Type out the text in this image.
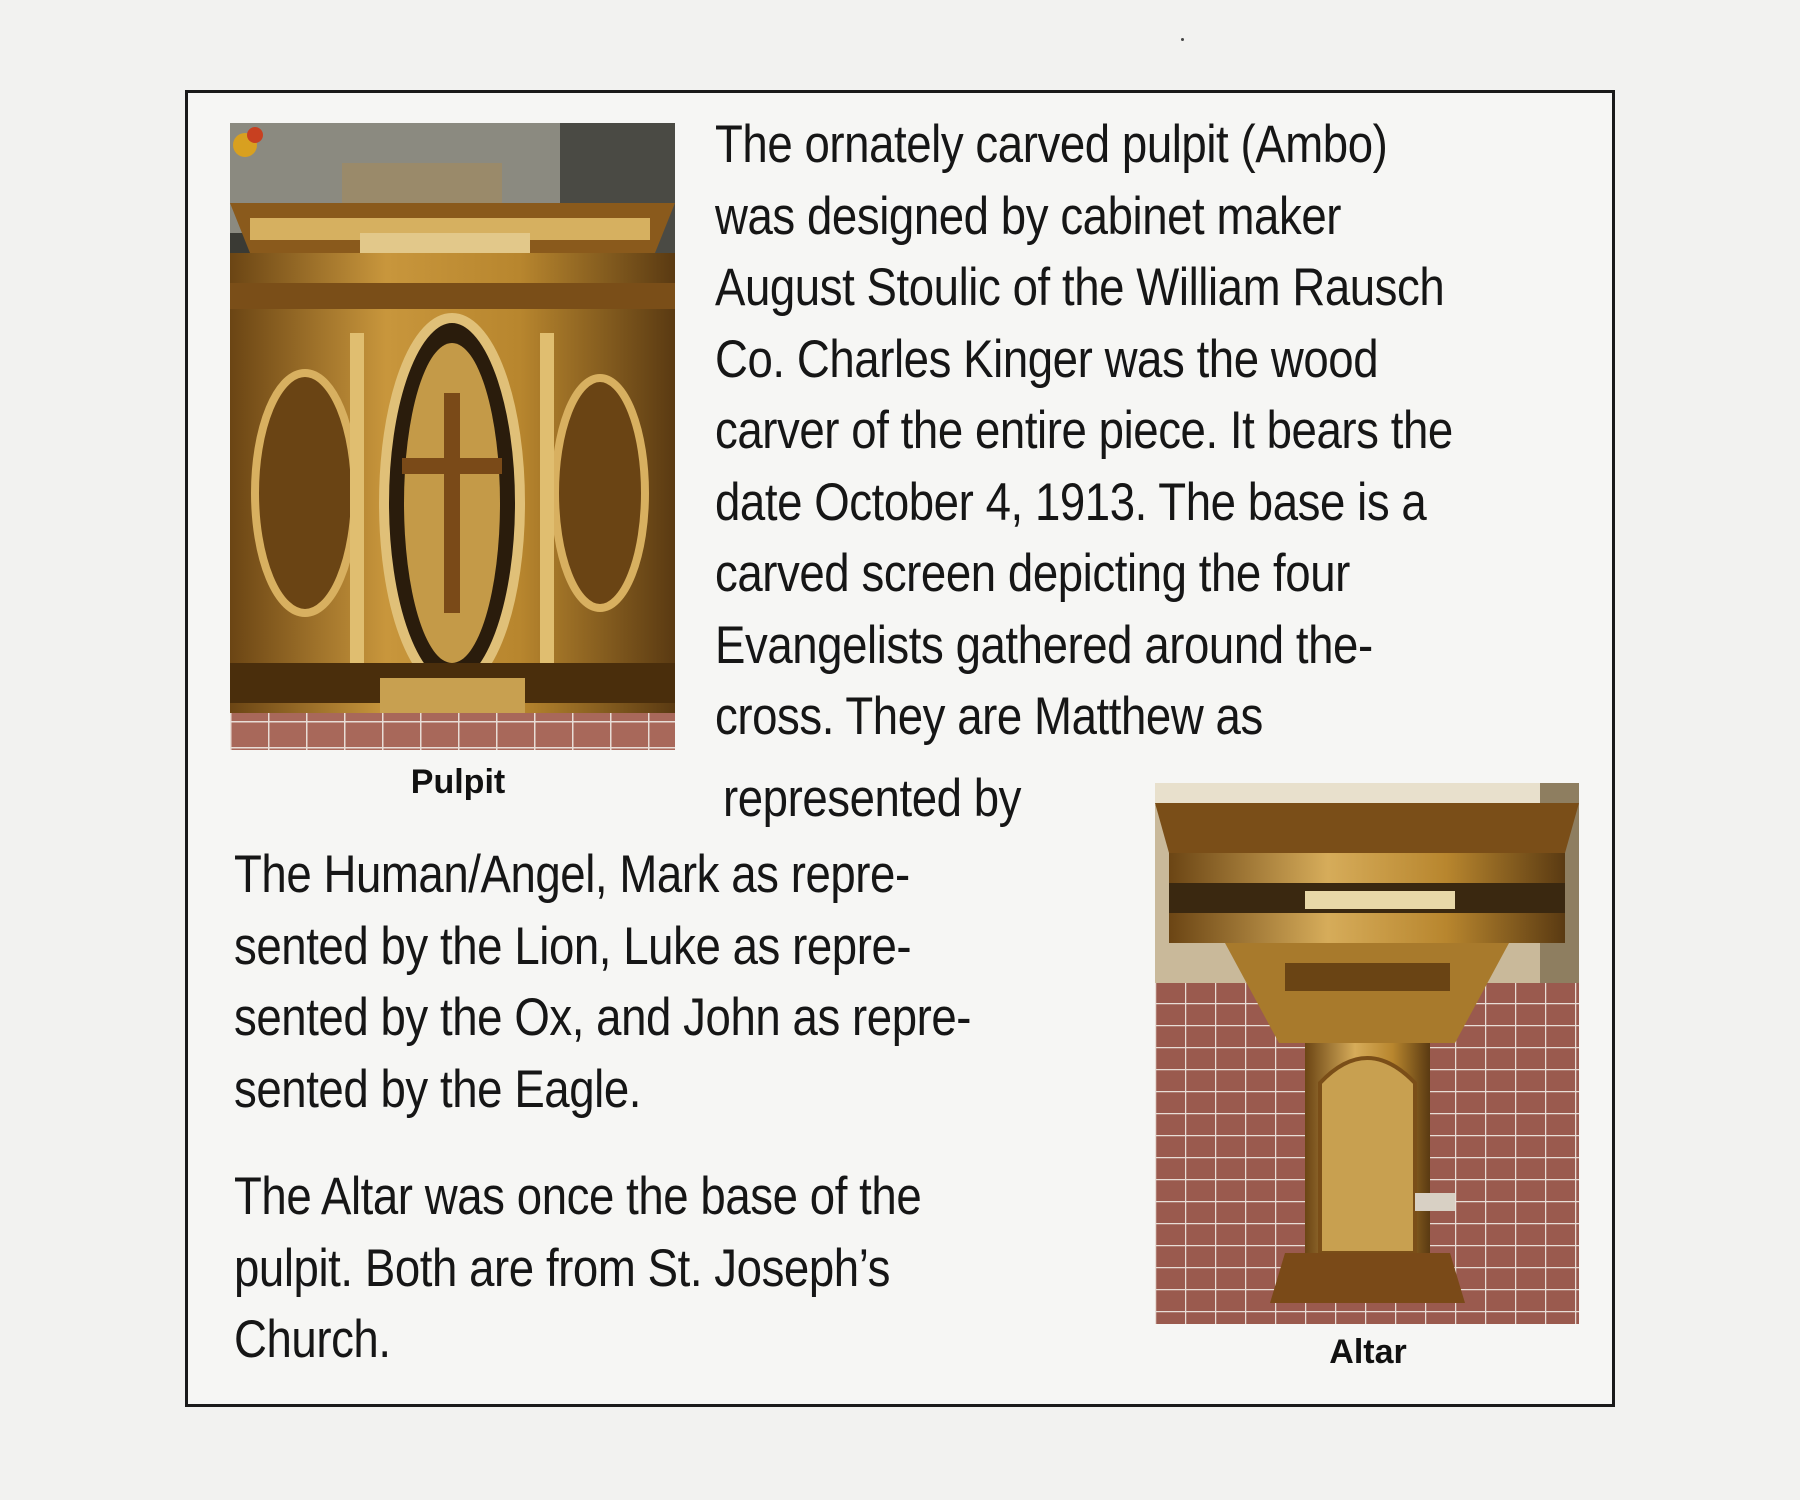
Pulpit

The ornately carved pulpit (Ambo)
was designed by cabinet maker
August Stoulic of the William Rausch
Co. Charles Kinger was the wood
carver of the entire piece. It bears the
date October 4, 1913. The base is a
carved screen depicting the four
Evangelists gathered around the-
cross. They are Matthew as

represented by

The Human/Angel, Mark as repre-
sented by the Lion, Luke as repre-
sented by the Ox, and John as repre-
sented by the Eagle.

The Altar was once the base of the
pulpit. Both are from St. Joseph’s
Church.	Altar
